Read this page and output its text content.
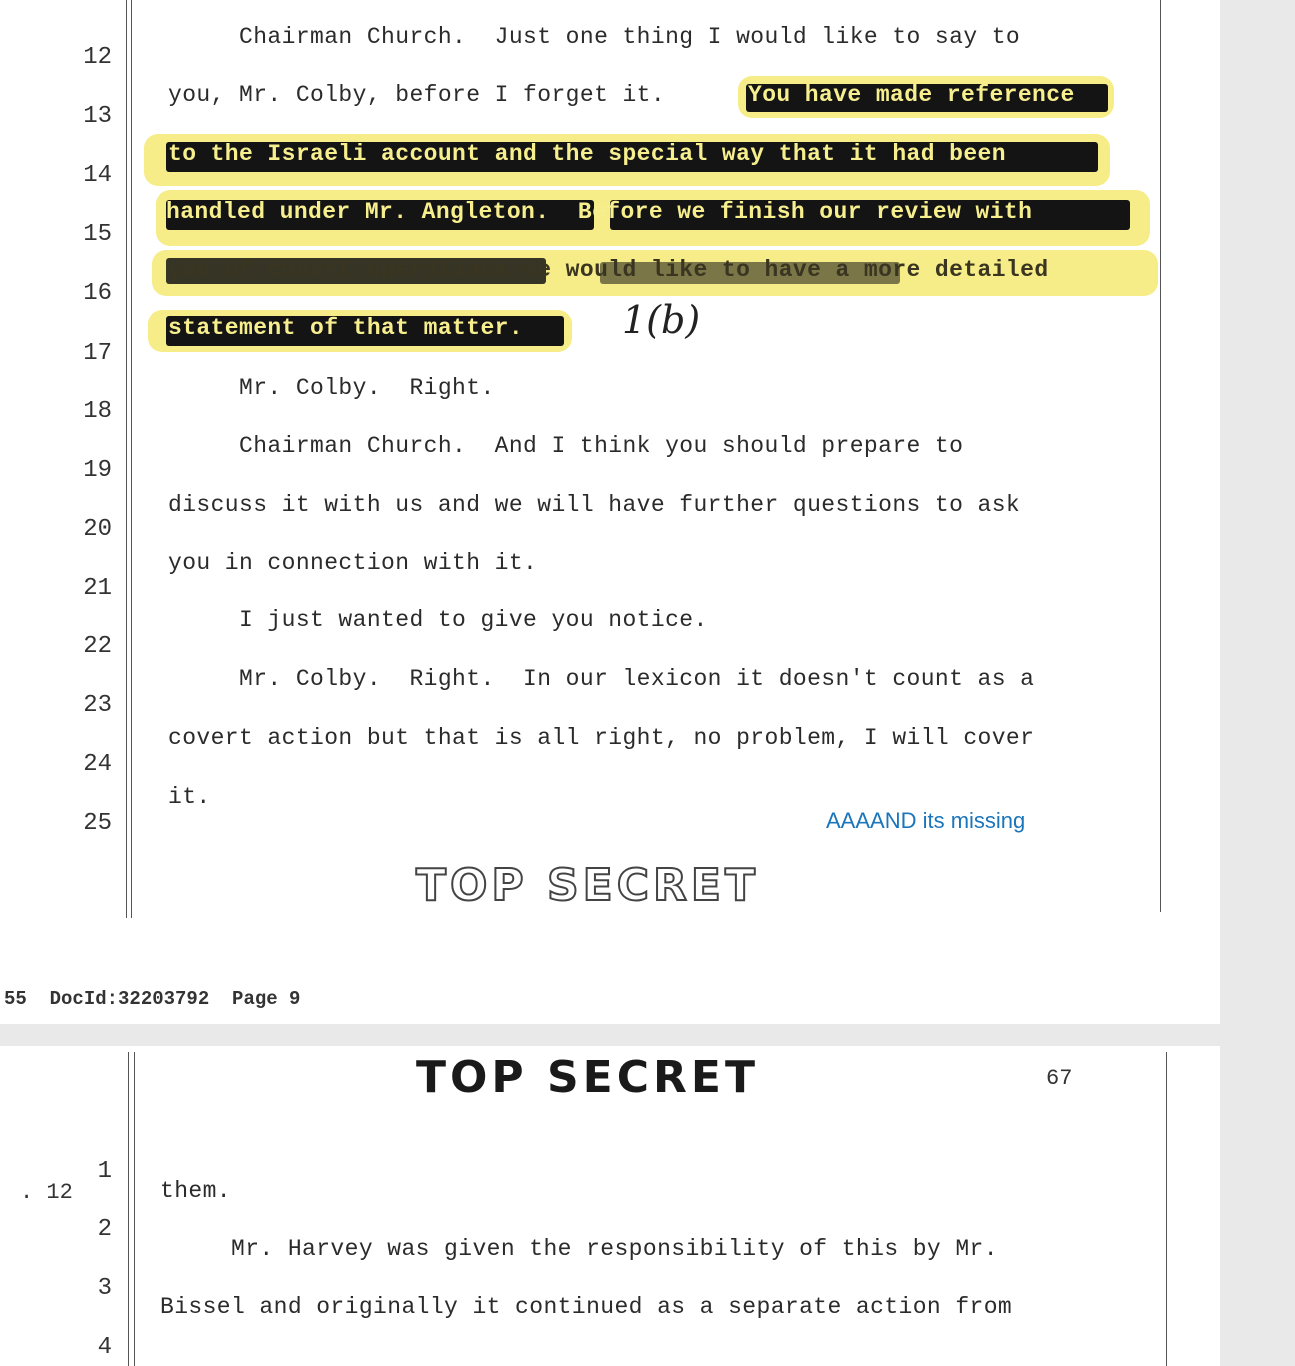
12
13
14
15
16
17
18
19
20
21
22
23
24
25
Chairman Church.  Just one thing I would like to say to
you, Mr. Colby, before I forget it.
Mr. Colby.  Right.
Chairman Church.  And I think you should prepare to
discuss it with us and we will have further questions to ask
you in connection with it.
I just wanted to give you notice.
Mr. Colby.  Right.  In our lexicon it doesn't count as a
covert action but that is all right, no problem, I will cover
it.
You have made reference
to the Israeli account and the special way that it had been
handled under Mr. Angleton.  Before we finish our review with
you of covert operations we would like to have a more detailed
statement of that matter.	1(b)
AAAAND its missing
TOP SECRET
55  DocId:32203792  Page 9
1
2
3
4
them.
Mr. Harvey was given the responsibility of this by Mr.
Bissel and originally it continued as a separate action from
TOP SECRET	67
. 12
